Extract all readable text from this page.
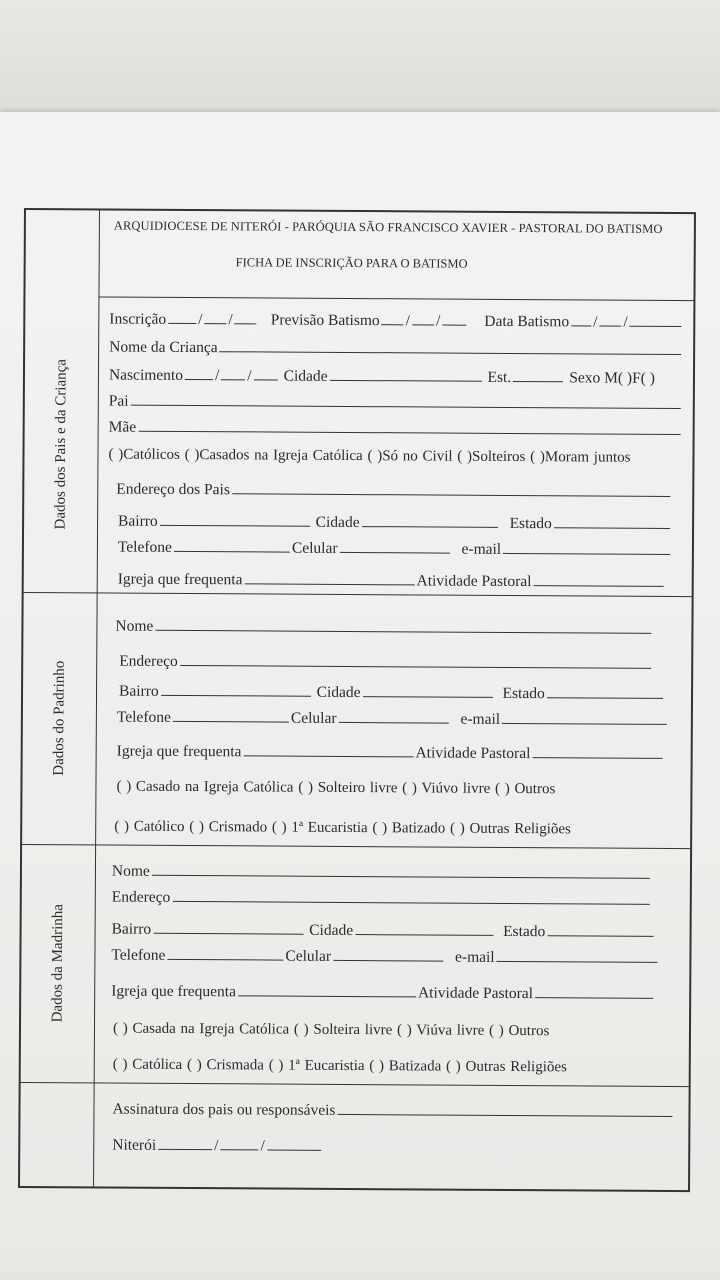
Dados dos Pais e da Criança
Dados do Padrinho
Dados da Madrinha
ARQUIDIOCESE DE NITERÓI - PARÓQUIA SÃO FRANCISCO XAVIER - PASTORAL DO BATISMO
FICHA DE INSCRIÇÃO PARA O BATISMO
Inscrição / / Previsão Batismo / /	Data Batismo / /
Nome da Criança
Nascimento / / Cidade	Est.	Sexo M( )F( )
Pai
Mãe
( )Católicos ( )Casados na Igreja Católica ( )Só no Civil ( )Solteiros ( )Moram juntos
Endereço dos Pais
Bairro	Cidade	Estado
Telefone	Celular	e-mail
Igreja que frequenta	Atividade Pastoral
Nome
Endereço
Bairro	Cidade	Estado
Telefone	Celular	e-mail
Igreja que frequenta	Atividade Pastoral
( ) Casado na Igreja Católica ( ) Solteiro livre ( ) Viúvo livre ( ) Outros
( ) Católico ( ) Crismado ( ) 1ª Eucaristia ( ) Batizado ( ) Outras Religiões
Nome
Endereço
Bairro	Cidade	Estado
Telefone	Celular	e-mail
Igreja que frequenta	Atividade Pastoral
( ) Casada na Igreja Católica ( ) Solteira livre ( ) Viúva livre ( ) Outros
( ) Católica ( ) Crismada ( ) 1ª Eucaristia ( ) Batizada ( ) Outras Religiões
Assinatura dos pais ou responsáveis
Niterói	/	/
